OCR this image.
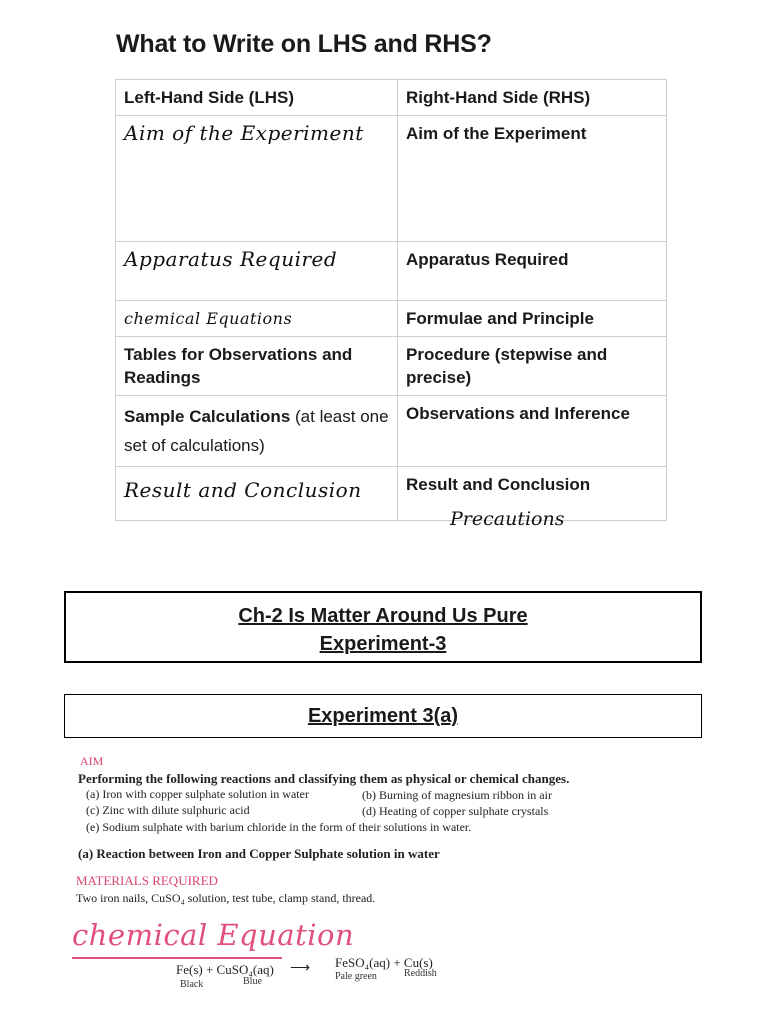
What to Write on LHS and RHS?
Left-Hand Side (LHS)	Right-Hand Side (RHS)
Aim of the Experiment	Aim of the Experiment
Apparatus Required	Apparatus Required
chemical Equations	Formulae and Principle
Tables for Observations and Readings	Procedure (stepwise and precise)
Sample Calculations (at least one set of calculations)	Observations and Inference
Result and Conclusion	Result and Conclusion
Precautions
Ch-2 Is Matter Around Us Pure
Experiment-3
Experiment 3(a)
AIM
Performing the following reactions and classifying them as physical or chemical changes.
(a) Iron with copper sulphate solution in water	(b) Burning of magnesium ribbon in air
(c) Zinc with dilute sulphuric acid	(d) Heating of copper sulphate crystals
(e) Sodium sulphate with barium chloride in the form of their solutions in water.
(a) Reaction between Iron and Copper Sulphate solution in water
MATERIALS REQUIRED
Two iron nails, CuSO₄ solution, test tube, clamp stand, thread.
chemical Equation
Fe(s) + CuSO₄(aq) ⟶ FeSO₄(aq) + Cu(s)
Black	Blue	Pale green	Reddish
